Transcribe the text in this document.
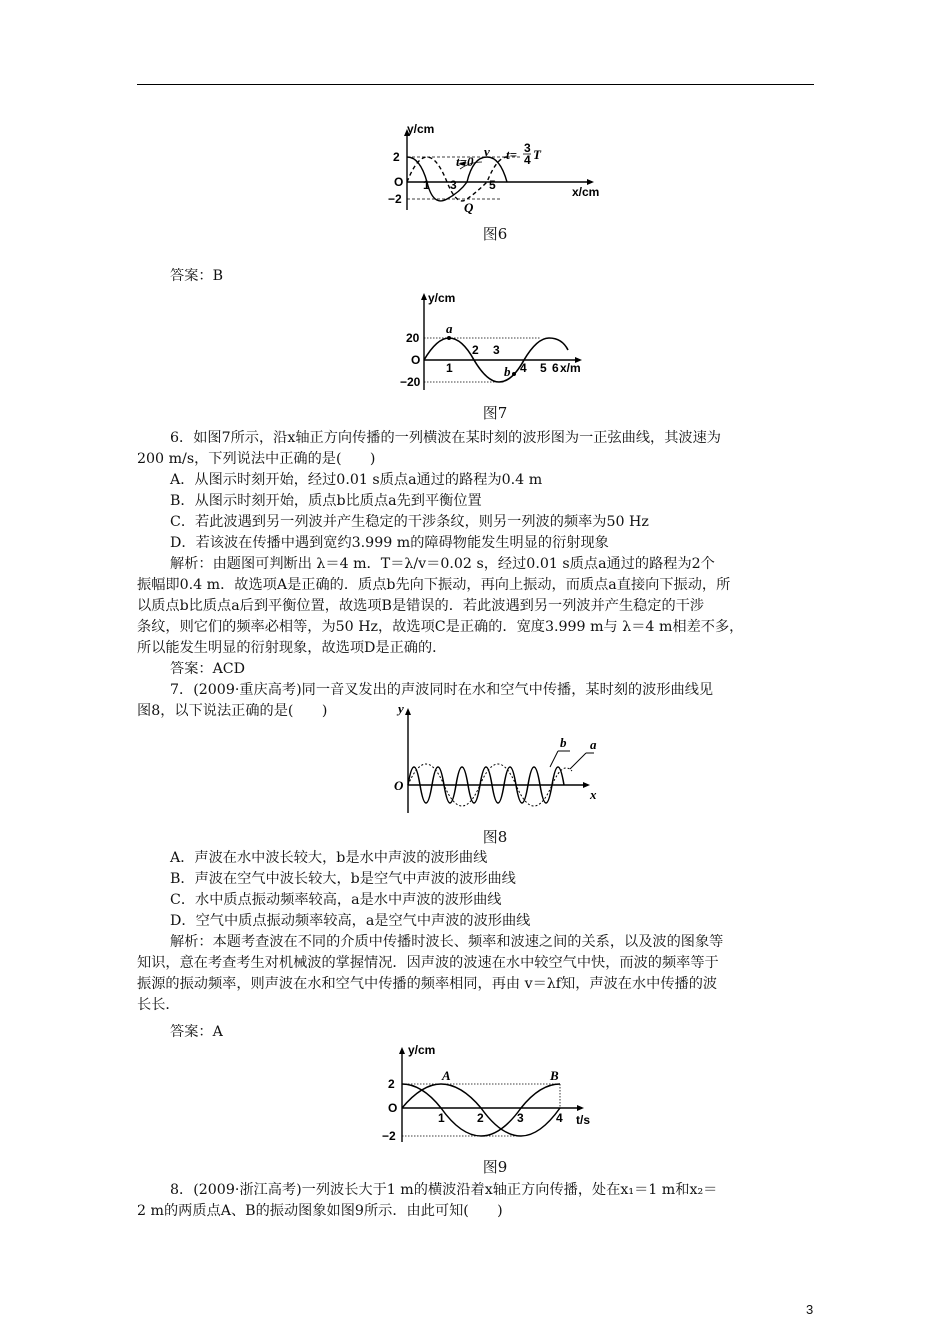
y/cm
x/cm
2
−2
O 1 3	5
t=0
v t= 3
4 T
Q
图6
答案：B
y/cm
x/m
20
−20
O
1
2 3
4 5 6
a
b
图7
6．如图7所示，沿x轴正方向传播的一列横波在某时刻的波形图为一正弦曲线，其波速为
200 m/s，下列说法中正确的是(　　)
A．从图示时刻开始，经过0.01 s质点a通过的路程为0.4 m
B．从图示时刻开始，质点b比质点a先到平衡位置
C．若此波遇到另一列波并产生稳定的干涉条纹，则另一列波的频率为50 Hz
D．若该波在传播中遇到宽约3.999 m的障碍物能发生明显的衍射现象
解析：由题图可判断出 λ＝4 m．T＝λ/v＝0.02 s，经过0.01 s质点a通过的路程为2个
振幅即0.4 m．故选项A是正确的．质点b先向下振动，再向上振动，而质点a直接向下振动，所
以质点b比质点a后到平衡位置，故选项B是错误的．若此波遇到另一列波并产生稳定的干涉
条纹，则它们的频率必相等，为50 Hz，故选项C是正确的．宽度3.999 m与 λ＝4 m相差不多，
所以能发生明显的衍射现象，故选项D是正确的．
答案：ACD
7．(2009·重庆高考)同一音叉发出的声波同时在水和空气中传播，某时刻的波形曲线见
图8，以下说法正确的是(　　)	y
x
O
b a
图8
A．声波在水中波长较大，b是水中声波的波形曲线
B．声波在空气中波长较大，b是空气中声波的波形曲线
C．水中质点振动频率较高，a是水中声波的波形曲线
D．空气中质点振动频率较高，a是空气中声波的波形曲线
解析：本题考查波在不同的介质中传播时波长、频率和波速之间的关系，以及波的图象等
知识，意在考查考生对机械波的掌握情况．因声波的波速在水中较空气中快，而波的频率等于
振源的振动频率，则声波在水和空气中传播的频率相同，再由 v＝λf知，声波在水中传播的波
长长．
答案：A
y/cm
t/s
2
−2
O
1	2	3	4
A	B
图9
8．(2009·浙江高考)一列波长大于1 m的横波沿着x轴正方向传播，处在x₁＝1 m和x₂＝
2 m的两质点A、B的振动图象如图9所示．由此可知(　　)
3
